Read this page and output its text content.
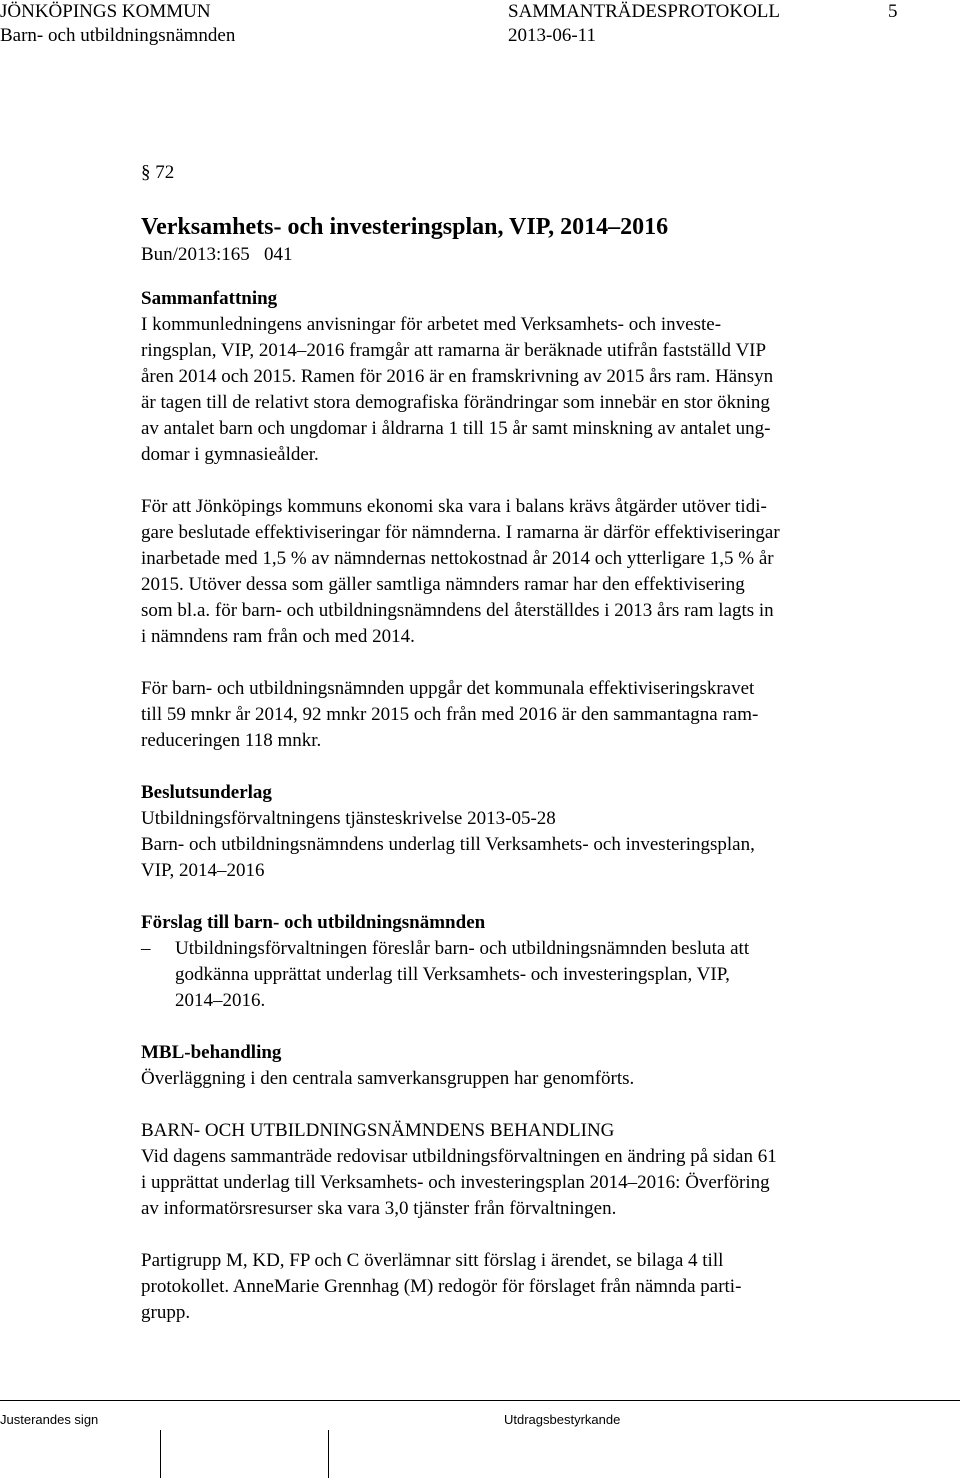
JÖNKÖPINGS KOMMUN
Barn- och utbildningsnämnden
SAMMANTRÄDESPROTOKOLL
2013-06-11
5
§ 72

Verksamhets- och investeringsplan, VIP, 2014‒2016

Bun/2013:165   041

Sammanfattning

I kommunledningens anvisningar för arbetet med Verksamhets- och investe-
ringsplan, VIP, 2014‒2016 framgår att ramarna är beräknade utifrån fastställd VIP
åren 2014 och 2015. Ramen för 2016 är en framskrivning av 2015 års ram. Hänsyn
är tagen till de relativt stora demografiska förändringar som innebär en stor ökning
av antalet barn och ungdomar i åldrarna 1 till 15 år samt minskning av antalet ung-
domar i gymnasieålder.
För att Jönköpings kommuns ekonomi ska vara i balans krävs åtgärder utöver tidi-
gare beslutade effektiviseringar för nämnderna. I ramarna är därför effektiviseringar
inarbetade med 1,5 % av nämndernas nettokostnad år 2014 och ytterligare 1,5 % år
2015. Utöver dessa som gäller samtliga nämnders ramar har den effektivisering
som bl.a. för barn- och utbildningsnämndens del återställdes i 2013 års ram lagts in
i nämndens ram från och med 2014.
För barn- och utbildningsnämnden uppgår det kommunala effektiviseringskravet
till 59 mnkr år 2014, 92 mnkr 2015 och från med 2016 är den sammantagna ram-
reduceringen 118 mnkr.

Beslutsunderlag

Utbildningsförvaltningens tjänsteskrivelse 2013-05-28
Barn- och utbildningsnämndens underlag till Verksamhets- och investeringsplan,
VIP, 2014‒2016

Förslag till barn- och utbildningsnämnden

– Utbildningsförvaltningen föreslår barn- och utbildningsnämnden besluta att
godkänna upprättat underlag till Verksamhets- och investeringsplan, VIP,
2014‒2016.

MBL-behandling

Överläggning i den centrala samverkansgruppen har genomförts.

BARN- OCH UTBILDNINGSNÄMNDENS BEHANDLING

Vid dagens sammanträde redovisar utbildningsförvaltningen en ändring på sidan 61
i upprättat underlag till Verksamhets- och investeringsplan 2014‒2016: Överföring
av informatörsresurser ska vara 3,0 tjänster från förvaltningen.
Partigrupp M, KD, FP och C överlämnar sitt förslag i ärendet, se bilaga 4 till
protokollet. AnneMarie Grennhag (M) redogör för förslaget från nämnda parti-
grupp.
Justerandes sign	Utdragsbestyrkande
